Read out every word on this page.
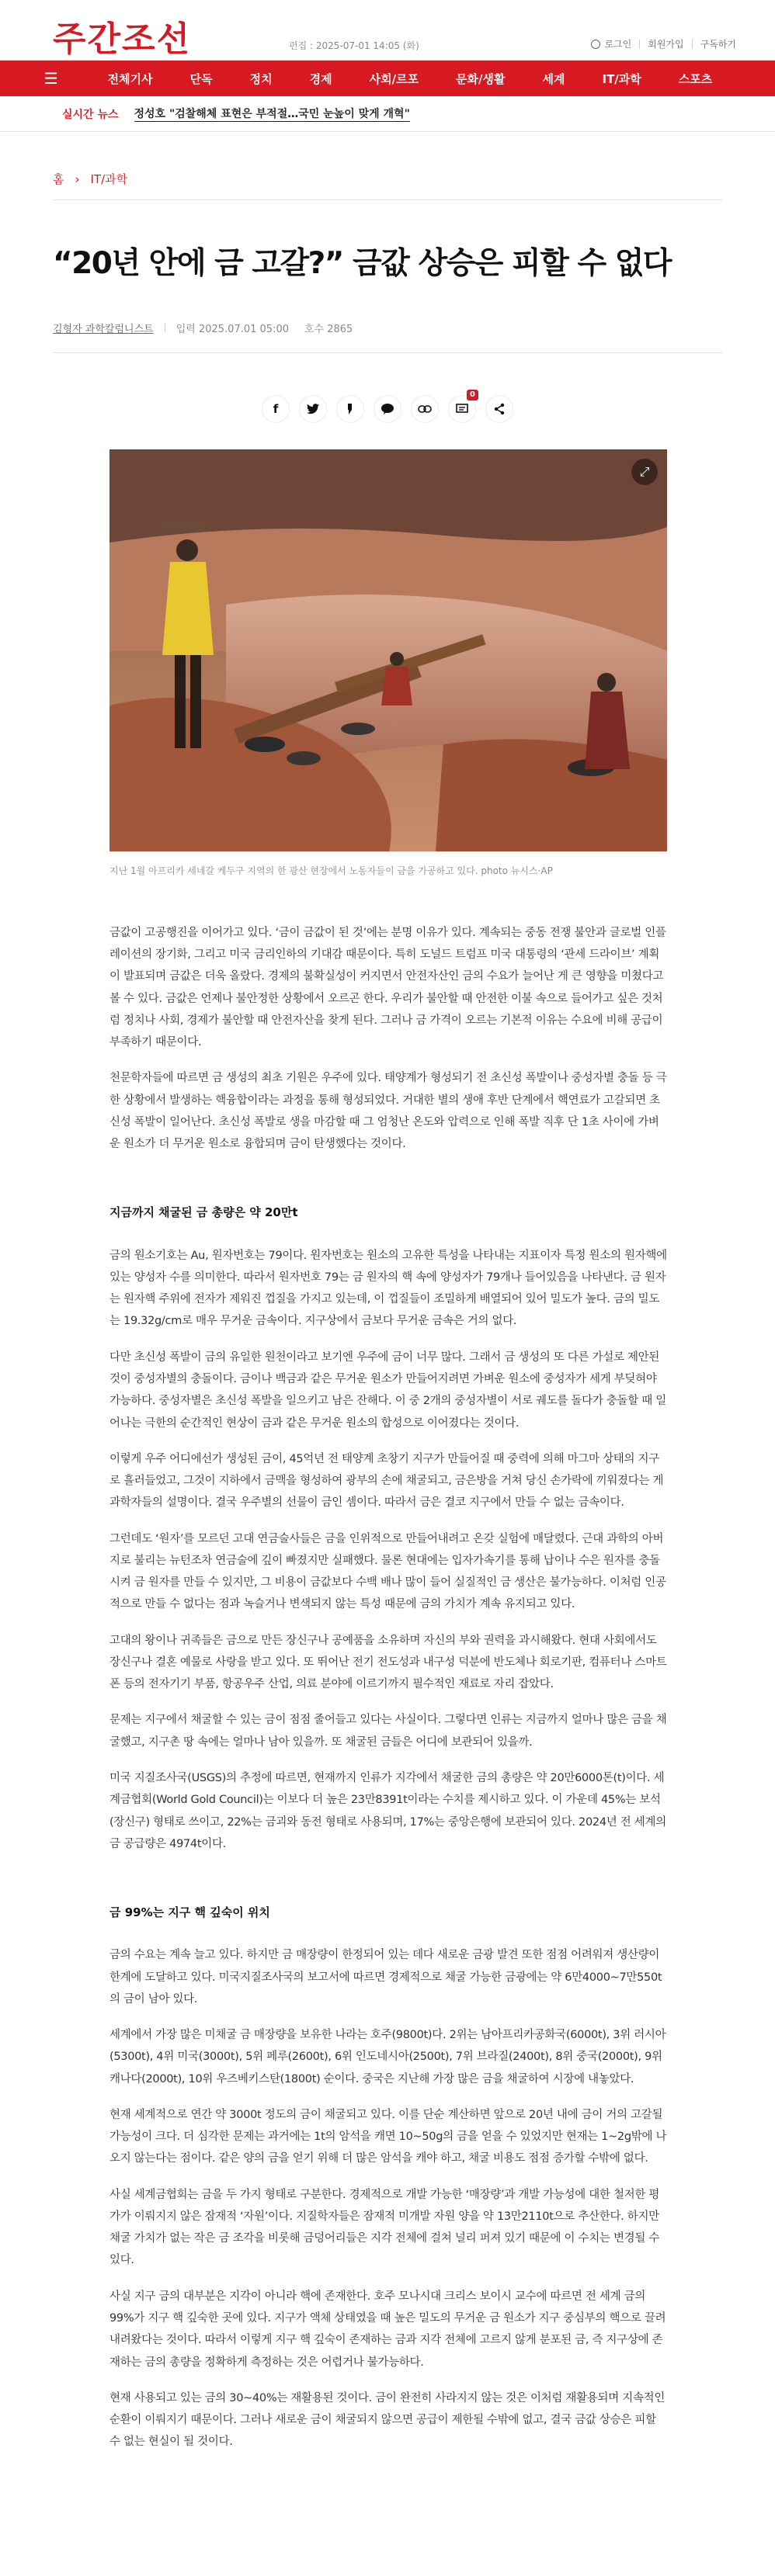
주간조선	편집 : 2025-07-01 14:05 (화)	로그인	회원가입	구독하기
☰	전체기사	단독	정치	경제	사회/르포	문화/생활	세계	IT/과학	스포츠
실시간 뉴스 정성호 "검찰해체 표현은 부적절…국민 눈높이 맞게 개혁"
홈 › IT/과학
“20년 안에 금 고갈?” 금값 상승은 피할 수 없다
김형자 과학칼럼니스트 입력 2025.07.01 05:00 호수 2865
f
0
⤢
지난 1월 아프리카 세네갈 케두구 지역의 한 광산 현장에서 노동자들이 금을 가공하고 있다. photo 뉴시스·AP

금값이 고공행진을 이어가고 있다. ‘금이 금값이 된 것’에는 분명 이유가 있다. 계속되는 중동 전쟁 불안과 글로벌 인플레이션의 장기화, 그리고 미국 금리인하의 기대감 때문이다. 특히 도널드 트럼프 미국 대통령의 ‘관세 드라이브’ 계획이 발표되며 금값은 더욱 올랐다. 경제의 불확실성이 커지면서 안전자산인 금의 수요가 늘어난 게 큰 영향을 미쳤다고 볼 수 있다. 금값은 언제나 불안정한 상황에서 오르곤 한다. 우리가 불안할 때 안전한 이불 속으로 들어가고 싶은 것처럼 정치나 사회, 경제가 불안할 때 안전자산을 찾게 된다. 그러나 금 가격이 오르는 기본적 이유는 수요에 비해 공급이 부족하기 때문이다.

천문학자들에 따르면 금 생성의 최초 기원은 우주에 있다. 태양계가 형성되기 전 초신성 폭발이나 중성자별 충돌 등 극한 상황에서 발생하는 핵융합이라는 과정을 통해 형성되었다. 거대한 별의 생애 후반 단계에서 핵연료가 고갈되면 초신성 폭발이 일어난다. 초신성 폭발로 생을 마감할 때 그 엄청난 온도와 압력으로 인해 폭발 직후 단 1초 사이에 가벼운 원소가 더 무거운 원소로 융합되며 금이 탄생했다는 것이다.

지금까지 채굴된 금 총량은 약 20만t

금의 원소기호는 Au, 원자번호는 79이다. 원자번호는 원소의 고유한 특성을 나타내는 지표이자 특정 원소의 원자핵에 있는 양성자 수를 의미한다. 따라서 원자번호 79는 금 원자의 핵 속에 양성자가 79개나 들어있음을 나타낸다. 금 원자는 원자핵 주위에 전자가 제워진 껍질을 가지고 있는데, 이 껍질들이 조밀하게 배열되어 있어 밀도가 높다. 금의 밀도는 19.32g/cm로 매우 무거운 금속이다. 지구상에서 금보다 무거운 금속은 거의 없다.

다만 초신성 폭발이 금의 유일한 원천이라고 보기엔 우주에 금이 너무 많다. 그래서 금 생성의 또 다른 가설로 제안된 것이 중성자별의 충돌이다. 금이나 백금과 같은 무거운 원소가 만들어지려면 가벼운 원소에 중성자가 세게 부딪혀야 가능하다. 중성자별은 초신성 폭발을 일으키고 남은 잔해다. 이 중 2개의 중성자별이 서로 궤도를 돌다가 충돌할 때 일어나는 극한의 순간적인 현상이 금과 같은 무거운 원소의 합성으로 이어졌다는 것이다.

이렇게 우주 어디에선가 생성된 금이, 45억년 전 태양계 초창기 지구가 만들어질 때 중력에 의해 마그마 상태의 지구로 흘러들었고, 그것이 지하에서 금맥을 형성하여 광부의 손에 채굴되고, 금은방을 거쳐 당신 손가락에 끼워졌다는 게 과학자들의 설명이다. 결국 우주별의 선물이 금인 셈이다. 따라서 금은 결코 지구에서 만들 수 없는 금속이다.

그런데도 ‘원자’를 모르던 고대 연금술사들은 금을 인위적으로 만들어내려고 온갖 실험에 매달렸다. 근대 과학의 아버지로 불리는 뉴턴조차 연금술에 깊이 빠졌지만 실패했다. 물론 현대에는 입자가속기를 통해 납이나 수은 원자를 충돌시켜 금 원자를 만들 수 있지만, 그 비용이 금값보다 수백 배나 많이 들어 실질적인 금 생산은 불가능하다. 이처럼 인공적으로 만들 수 없다는 점과 녹슬거나 변색되지 않는 특성 때문에 금의 가치가 계속 유지되고 있다.

고대의 왕이나 귀족들은 금으로 만든 장신구나 공예품을 소유하며 자신의 부와 권력을 과시해왔다. 현대 사회에서도 장신구나 결혼 예물로 사랑을 받고 있다. 또 뛰어난 전기 전도성과 내구성 덕분에 반도체나 회로기판, 컴퓨터나 스마트폰 등의 전자기기 부품, 항공우주 산업, 의료 분야에 이르기까지 필수적인 재료로 자리 잡았다.

문제는 지구에서 채굴할 수 있는 금이 점점 줄어들고 있다는 사실이다. 그렇다면 인류는 지금까지 얼마나 많은 금을 채굴했고, 지구촌 땅 속에는 얼마나 남아 있을까. 또 채굴된 금들은 어디에 보관되어 있을까.

미국 지질조사국(USGS)의 추정에 따르면, 현재까지 인류가 지각에서 채굴한 금의 총량은 약 20만6000톤(t)이다. 세계금협회(World Gold Council)는 이보다 더 높은 23만8391t이라는 수치를 제시하고 있다. 이 가운데 45%는 보석(장신구) 형태로 쓰이고, 22%는 금괴와 동전 형태로 사용되며, 17%는 중앙은행에 보관되어 있다. 2024년 전 세계의 금 공급량은 4974t이다.

금 99%는 지구 핵 깊숙이 위치

금의 수요는 계속 늘고 있다. 하지만 금 매장량이 한정되어 있는 데다 새로운 금광 발견 또한 점점 어려워져 생산량이 한계에 도달하고 있다. 미국지질조사국의 보고서에 따르면 경제적으로 채굴 가능한 금광에는 약 6만4000~7만550t의 금이 남아 있다.

세계에서 가장 많은 미채굴 금 매장량을 보유한 나라는 호주(9800t)다. 2위는 남아프리카공화국(6000t), 3위 러시아(5300t), 4위 미국(3000t), 5위 페루(2600t), 6위 인도네시아(2500t), 7위 브라질(2400t), 8위 중국(2000t), 9위 캐나다(2000t), 10위 우즈베키스탄(1800t) 순이다. 중국은 지난해 가장 많은 금을 채굴하여 시장에 내놓았다.

현재 세계적으로 연간 약 3000t 정도의 금이 채굴되고 있다. 이를 단순 계산하면 앞으로 20년 내에 금이 거의 고갈될 가능성이 크다. 더 심각한 문제는 과거에는 1t의 암석을 캐면 10~50g의 금을 얻을 수 있었지만 현재는 1~2g밖에 나오지 않는다는 점이다. 같은 양의 금을 얻기 위해 더 많은 암석을 캐야 하고, 채굴 비용도 점점 증가할 수밖에 없다.

사실 세계금협회는 금을 두 가지 형태로 구분한다. 경제적으로 개발 가능한 ‘매장량’과 개발 가능성에 대한 철저한 평가가 이뤄지지 않은 잠재적 ‘자원’이다. 지질학자들은 잠재적 미개발 자원 양을 약 13만2110t으로 추산한다. 하지만 채굴 가치가 없는 작은 금 조각을 비롯해 금덩어리들은 지각 전체에 걸쳐 널리 퍼져 있기 때문에 이 수치는 변경될 수 있다.

사실 지구 금의 대부분은 지각이 아니라 핵에 존재한다. 호주 모나시대 크리스 보이시 교수에 따르면 전 세계 금의 99%가 지구 핵 깊숙한 곳에 있다. 지구가 액체 상태였을 때 높은 밀도의 무거운 금 원소가 지구 중심부의 핵으로 끌려 내려왔다는 것이다. 따라서 이렇게 지구 핵 깊숙이 존재하는 금과 지각 전체에 고르지 않게 분포된 금, 즉 지구상에 존재하는 금의 총량을 정확하게 측정하는 것은 어렵거나 불가능하다.

현재 사용되고 있는 금의 30~40%는 재활용된 것이다. 금이 완전히 사라지지 않는 것은 이처럼 재활용되며 지속적인 순환이 이뤄지기 때문이다. 그러나 새로운 금이 채굴되지 않으면 공급이 제한될 수밖에 없고, 결국 금값 상승은 피할 수 없는 현실이 될 것이다.
